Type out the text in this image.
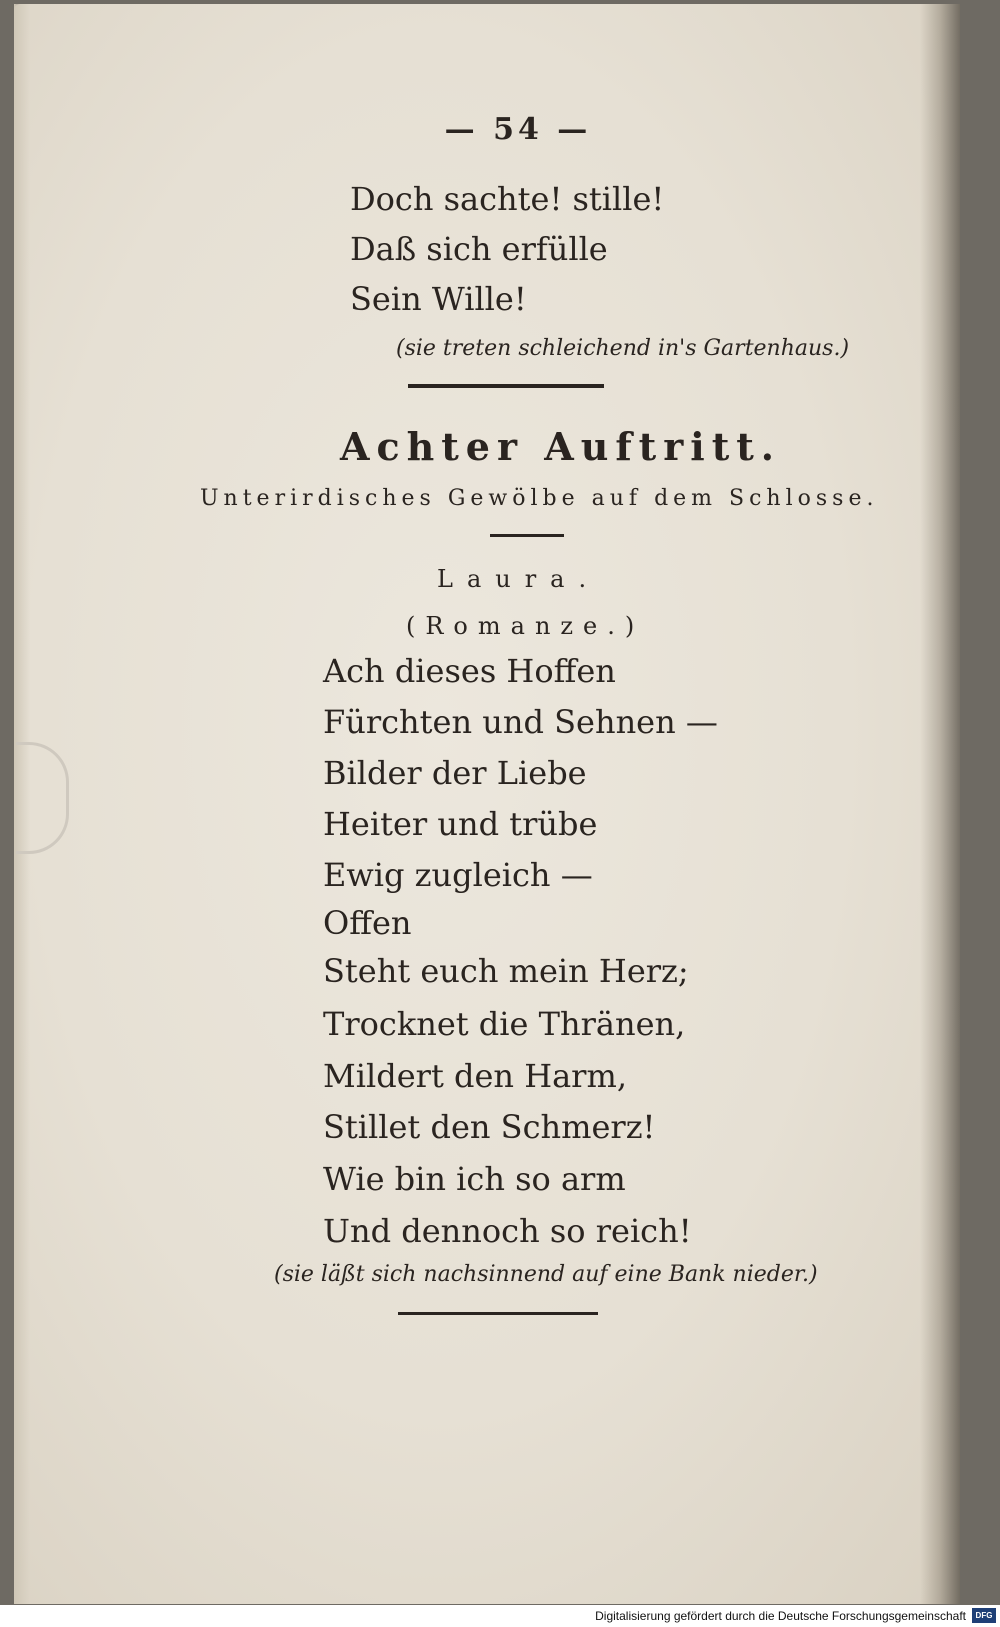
— 54 —
Doch sachte! stille!
Daß sich erfülle
Sein Wille!
(sie treten schleichend in's Gartenhaus.)
Achter Auftritt.
Unterirdisches Gewölbe auf dem Schlosse.
Laura.
(Romanze.)
Ach dieses Hoffen
Fürchten und Sehnen —
Bilder der Liebe
Heiter und trübe
Ewig zugleich —
Offen
Steht euch mein Herz;
Trocknet die Thränen,
Mildert den Harm,
Stillet den Schmerz!
Wie bin ich so arm
Und dennoch so reich!
(sie läßt sich nachsinnend auf eine Bank nieder.)
Digitalisierung gefördert durch die Deutsche Forschungsgemeinschaft	DFG
